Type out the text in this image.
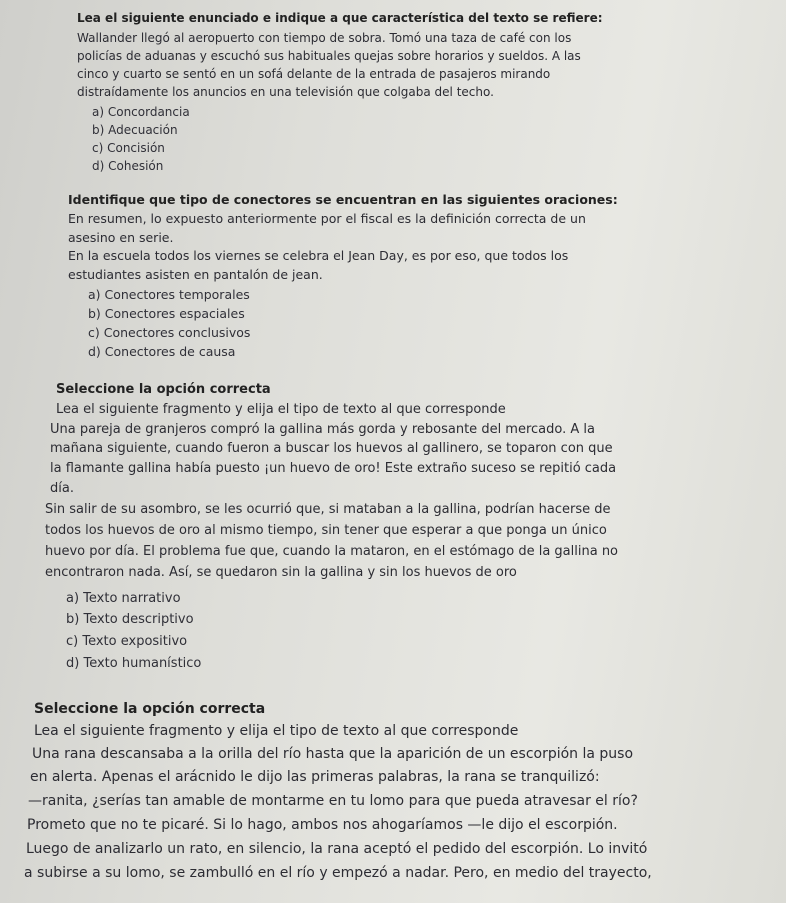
Lea el siguiente enunciado e indique a que característica del texto se refiere:
Wallander llegó al aeropuerto con tiempo de sobra. Tomó una taza de café con los
policías de aduanas y escuchó sus habituales quejas sobre horarios y sueldos. A las
cinco y cuarto se sentó en un sofá delante de la entrada de pasajeros mirando
distraídamente los anuncios en una televisión que colgaba del techo.
a) Concordancia
b) Adecuación
c) Concisión
d) Cohesión
Identifique que tipo de conectores se encuentran en las siguientes oraciones:
En resumen, lo expuesto anteriormente por el fiscal es la definición correcta de un
asesino en serie.
En la escuela todos los viernes se celebra el Jean Day, es por eso, que todos los
estudiantes asisten en pantalón de jean.
a) Conectores temporales
b) Conectores espaciales
c) Conectores conclusivos
d) Conectores de causa
Seleccione la opción correcta
Lea el siguiente fragmento y elija el tipo de texto al que corresponde
Una pareja de granjeros compró la gallina más gorda y rebosante del mercado. A la
mañana siguiente, cuando fueron a buscar los huevos al gallinero, se toparon con que
la flamante gallina había puesto ¡un huevo de oro! Este extraño suceso se repitió cada
día.
Sin salir de su asombro, se les ocurrió que, si mataban a la gallina, podrían hacerse de
todos los huevos de oro al mismo tiempo, sin tener que esperar a que ponga un único
huevo por día. El problema fue que, cuando la mataron, en el estómago de la gallina no
encontraron nada. Así, se quedaron sin la gallina y sin los huevos de oro
a) Texto narrativo
b) Texto descriptivo
c) Texto expositivo
d) Texto humanístico
Seleccione la opción correcta
Lea el siguiente fragmento y elija el tipo de texto al que corresponde
Una rana descansaba a la orilla del río hasta que la aparición de un escorpión la puso
en alerta. Apenas el arácnido le dijo las primeras palabras, la rana se tranquilizó:
—ranita, ¿serías tan amable de montarme en tu lomo para que pueda atravesar el río?
Prometo que no te picaré. Si lo hago, ambos nos ahogaríamos —le dijo el escorpión.
Luego de analizarlo un rato, en silencio, la rana aceptó el pedido del escorpión. Lo invitó
a subirse a su lomo, se zambulló en el río y empezó a nadar. Pero, en medio del trayecto,
